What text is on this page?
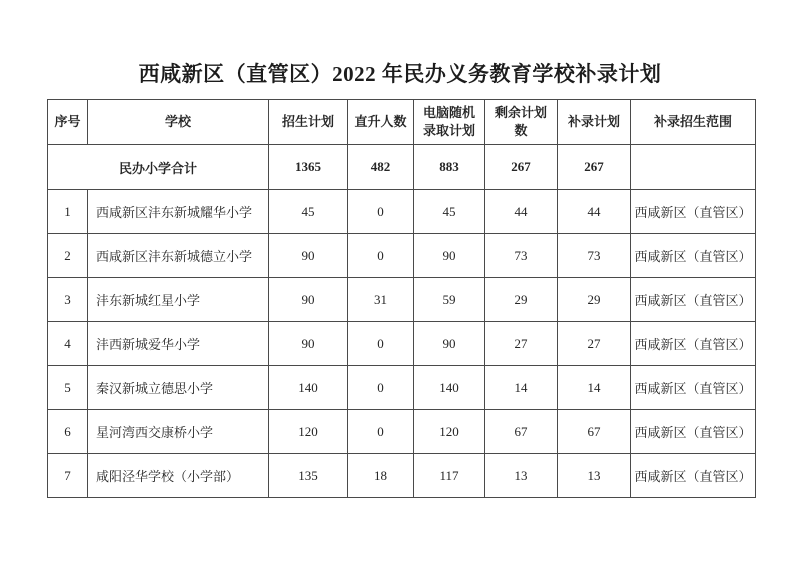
西咸新区（直管区）2022 年民办义务教育学校补录计划
序号	学校	招生计划	直升人数	电脑随机录取计划	剩余计划数	补录计划	补录招生范围
民办小学合计		1365	482	883	267	267	
1	西咸新区沣东新城耀华小学	45	0	45	44	44	西咸新区（直管区）
2	西咸新区沣东新城德立小学	90	0	90	73	73	西咸新区（直管区）
3	沣东新城红星小学	90	31	59	29	29	西咸新区（直管区）
4	沣西新城爱华小学	90	0	90	27	27	西咸新区（直管区）
5	秦汉新城立德思小学	140	0	140	14	14	西咸新区（直管区）
6	星河湾西交康桥小学	120	0	120	67	67	西咸新区（直管区）
7	咸阳泾华学校（小学部）	135	18	117	13	13	西咸新区（直管区）
